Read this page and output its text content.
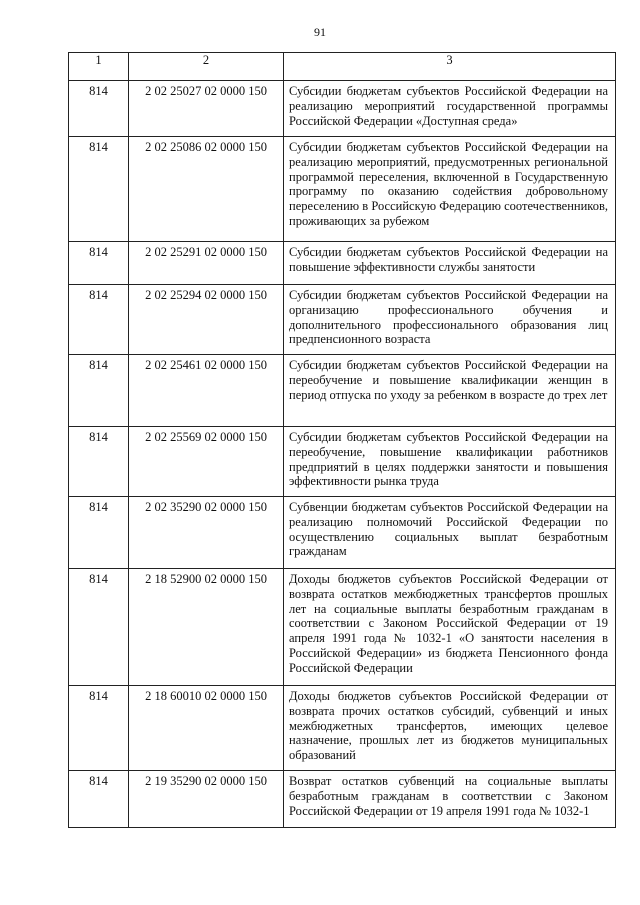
91
1	2	3
814	2 02 25027 02 0000 150	Субсидии бюджетам субъектов Российской Федерации на реализацию мероприятий государственной программы Российской Федерации «Доступная среда»
814	2 02 25086 02 0000 150	Субсидии бюджетам субъектов Российской Федерации на реализацию мероприятий, предусмотренных региональной программой переселения, включенной в Государственную программу по оказанию содействия добровольному переселению в Российскую Федерацию соотечественников, проживающих за рубежом
814	2 02 25291 02 0000 150	Субсидии бюджетам субъектов Российской Федерации на повышение эффективности службы занятости
814	2 02 25294 02 0000 150	Субсидии бюджетам субъектов Российской Федерации на организацию профессионального обучения и дополнительного профессионального образования лиц предпенсионного возраста
814	2 02 25461 02 0000 150	Субсидии бюджетам субъектов Российской Федерации на переобучение и повышение квалификации женщин в период отпуска по уходу за ребенком в возрасте до трех лет
814	2 02 25569 02 0000 150	Субсидии бюджетам субъектов Российской Федерации на переобучение, повышение квалификации работников предприятий в целях поддержки занятости и повышения эффективности рынка труда
814	2 02 35290 02 0000 150	Субвенции бюджетам субъектов Российской Федерации на реализацию полномочий Российской Федерации по осуществлению социальных выплат безработным гражданам
814	2 18 52900 02 0000 150	Доходы бюджетов субъектов Российской Федерации от возврата остатков межбюджетных трансфертов прошлых лет на социальные выплаты безработным гражданам в соответствии с Законом Российской Федерации от 19 апреля 1991 года № 1032-1 «О занятости населения в Российской Федерации» из бюджета Пенсионного фонда Российской Федерации
814	2 18 60010 02 0000 150	Доходы бюджетов субъектов Российской Федерации от возврата прочих остатков субсидий, субвенций и иных межбюджетных трансфертов, имеющих целевое назначение, прошлых лет из бюджетов муниципальных образований
814	2 19 35290 02 0000 150	Возврат остатков субвенций на социальные выплаты безработным гражданам в соответствии с Законом Российской Федерации от 19 апреля 1991 года № 1032-1
